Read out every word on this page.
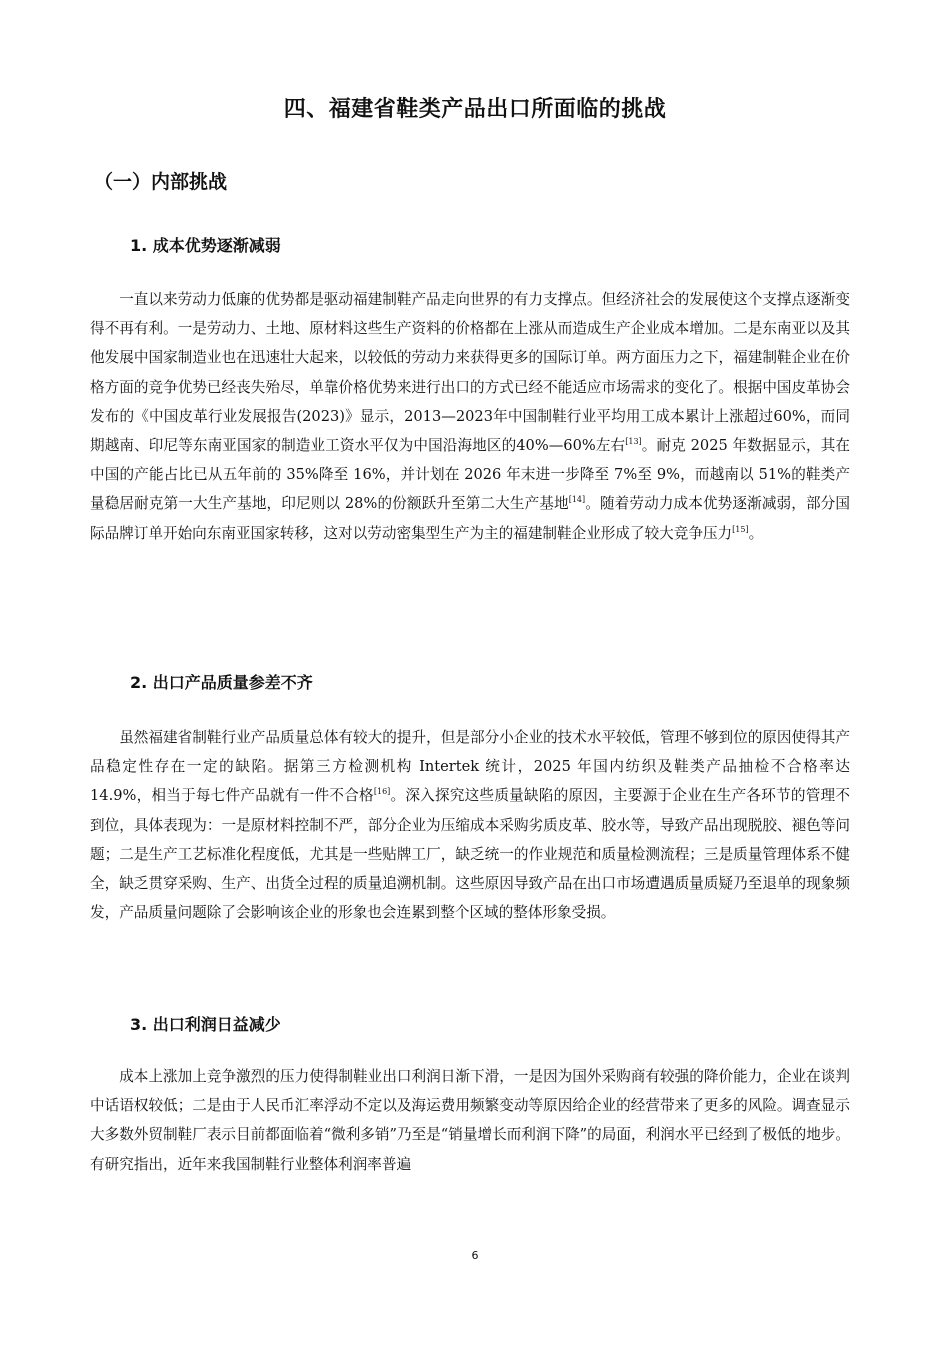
四、福建省鞋类产品出口所面临的挑战
（一）内部挑战
1. 成本优势逐渐减弱

一直以来劳动力低廉的优势都是驱动福建制鞋产品走向世界的有力支撑点。但经济社会的发展使这个支撑点逐渐变得不再有利。一是劳动力、土地、原材料这些生产资料的价格都在上涨从而造成生产企业成本增加。二是东南亚以及其他发展中国家制造业也在迅速壮大起来，以较低的劳动力来获得更多的国际订单。两方面压力之下，福建制鞋企业在价格方面的竞争优势已经丧失殆尽，单靠价格优势来进行出口的方式已经不能适应市场需求的变化了。根据中国皮革协会发布的《中国皮革行业发展报告(2023)》显示，2013—2023年中国制鞋行业平均用工成本累计上涨超过60%，而同期越南、印尼等东南亚国家的制造业工资水平仅为中国沿海地区的40%—60%左右[13]。耐克 2025 年数据显示，其在中国的产能占比已从五年前的 35%降至 16%，并计划在 2026 年末进一步降至 7%至 9%，而越南以 51%的鞋类产量稳居耐克第一大生产基地，印尼则以 28%的份额跃升至第二大生产基地[14]。随着劳动力成本优势逐渐减弱，部分国际品牌订单开始向东南亚国家转移，这对以劳动密集型生产为主的福建制鞋企业形成了较大竞争压力[15]。

2. 出口产品质量参差不齐

虽然福建省制鞋行业产品质量总体有较大的提升，但是部分小企业的技术水平较低，管理不够到位的原因使得其产品稳定性存在一定的缺陷。据第三方检测机构 Intertek 统计，2025 年国内纺织及鞋类产品抽检不合格率达 14.9%，相当于每七件产品就有一件不合格[16]。深入探究这些质量缺陷的原因，主要源于企业在生产各环节的管理不到位，具体表现为：一是原材料控制不严，部分企业为压缩成本采购劣质皮革、胶水等，导致产品出现脱胶、褪色等问题；二是生产工艺标准化程度低，尤其是一些贴牌工厂，缺乏统一的作业规范和质量检测流程；三是质量管理体系不健全，缺乏贯穿采购、生产、出货全过程的质量追溯机制。这些原因导致产品在出口市场遭遇质量质疑乃至退单的现象频发，产品质量问题除了会影响该企业的形象也会连累到整个区域的整体形象受损。

3. 出口利润日益减少

成本上涨加上竞争激烈的压力使得制鞋业出口利润日渐下滑，一是因为国外采购商有较强的降价能力，企业在谈判中话语权较低；二是由于人民币汇率浮动不定以及海运费用频繁变动等原因给企业的经营带来了更多的风险。调查显示大多数外贸制鞋厂表示目前都面临着“微利多销”乃至是“销量增长而利润下降”的局面，利润水平已经到了极低的地步。有研究指出，近年来我国制鞋行业整体利润率普遍

6
